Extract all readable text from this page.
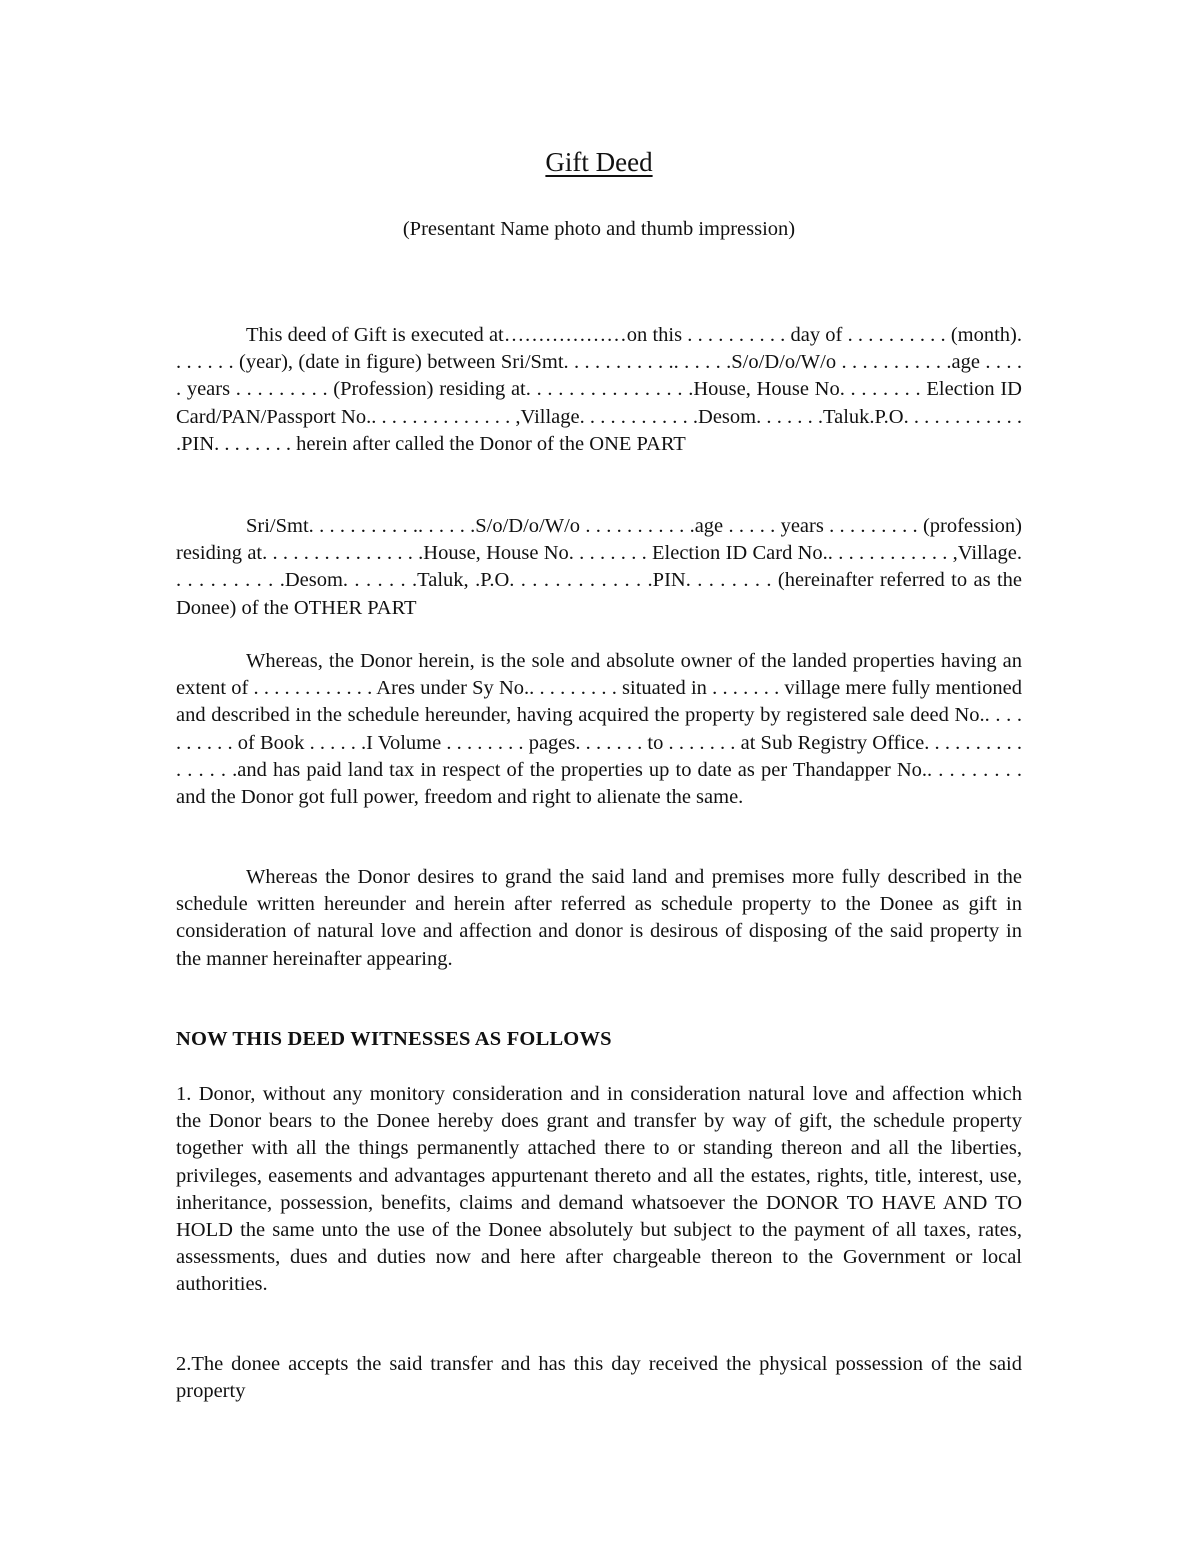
Gift Deed
(Presentant Name photo and thumb impression)

This deed of Gift is executed at………………on this . . . . . . . . . . day of . . . . . . . . . . (month). . . . . . . (year), (date in figure) between Sri/Smt. . . . . . . . . . .. . . . . .S/o/D/o/W/o . . . . . . . . . . .age . . . . . years . . . . . . . . . (Profession) residing at. . . . . . . . . . . . . . . .House, House No. . . . . . . . Election ID Card/PAN/Passport No.. . . . . . . . . . . . . . ,Village. . . . . . . . . . . .Desom. . . . . . .Taluk.P.O. . . . . . . . . . . . .PIN. . . . . . . . herein after called the Donor of the ONE PART

Sri/Smt. . . . . . . . . . .. . . . . .S/o/D/o/W/o . . . . . . . . . . .age . . . . . years . . . . . . . . . (profession) residing at. . . . . . . . . . . . . . . .House, House No. . . . . . . . Election ID Card No.. . . . . . . . . . . . ,Village. . . . . . . . . . .Desom. . . . . . .Taluk, .P.O. . . . . . . . . . . . .PIN. . . . . . . . (hereinafter referred to as the Donee) of the OTHER PART

Whereas, the Donor herein, is the sole and absolute owner of the landed properties having an extent of . . . . . . . . . . . . Ares under Sy No.. . . . . . . . . situated in . . . . . . . village mere fully mentioned and described in the schedule hereunder, having acquired the property by registered sale deed No.. . . . . . . . . . of Book . . . . . .I Volume . . . . . . . . pages. . . . . . . to . . . . . . . at Sub Registry Office. . . . . . . . . . . . . . . .and has paid land tax in respect of the properties up to date as per Thandapper No.. . . . . . . . . and the Donor got full power, freedom and right to alienate the same.

Whereas the Donor desires to grand the said land and premises more fully described in the schedule written hereunder and herein after referred as schedule property to the Donee as gift in consideration of natural love and affection and donor is desirous of disposing of the said property in the manner hereinafter appearing.

NOW THIS DEED WITNESSES AS FOLLOWS

1. Donor, without any monitory consideration and in consideration natural love and affection which the Donor bears to the Donee hereby does grant and transfer by way of gift, the schedule property together with all the things permanently attached there to or standing thereon and all the liberties, privileges, easements and advantages appurtenant thereto and all the estates, rights, title, interest, use, inheritance, possession, benefits, claims and demand whatsoever the DONOR TO HAVE AND TO HOLD the same unto the use of the Donee absolutely but subject to the payment of all taxes, rates, assessments, dues and duties now and here after chargeable thereon to the Government or local authorities.

2.The donee accepts the said transfer and has this day received the physical possession of the said property
